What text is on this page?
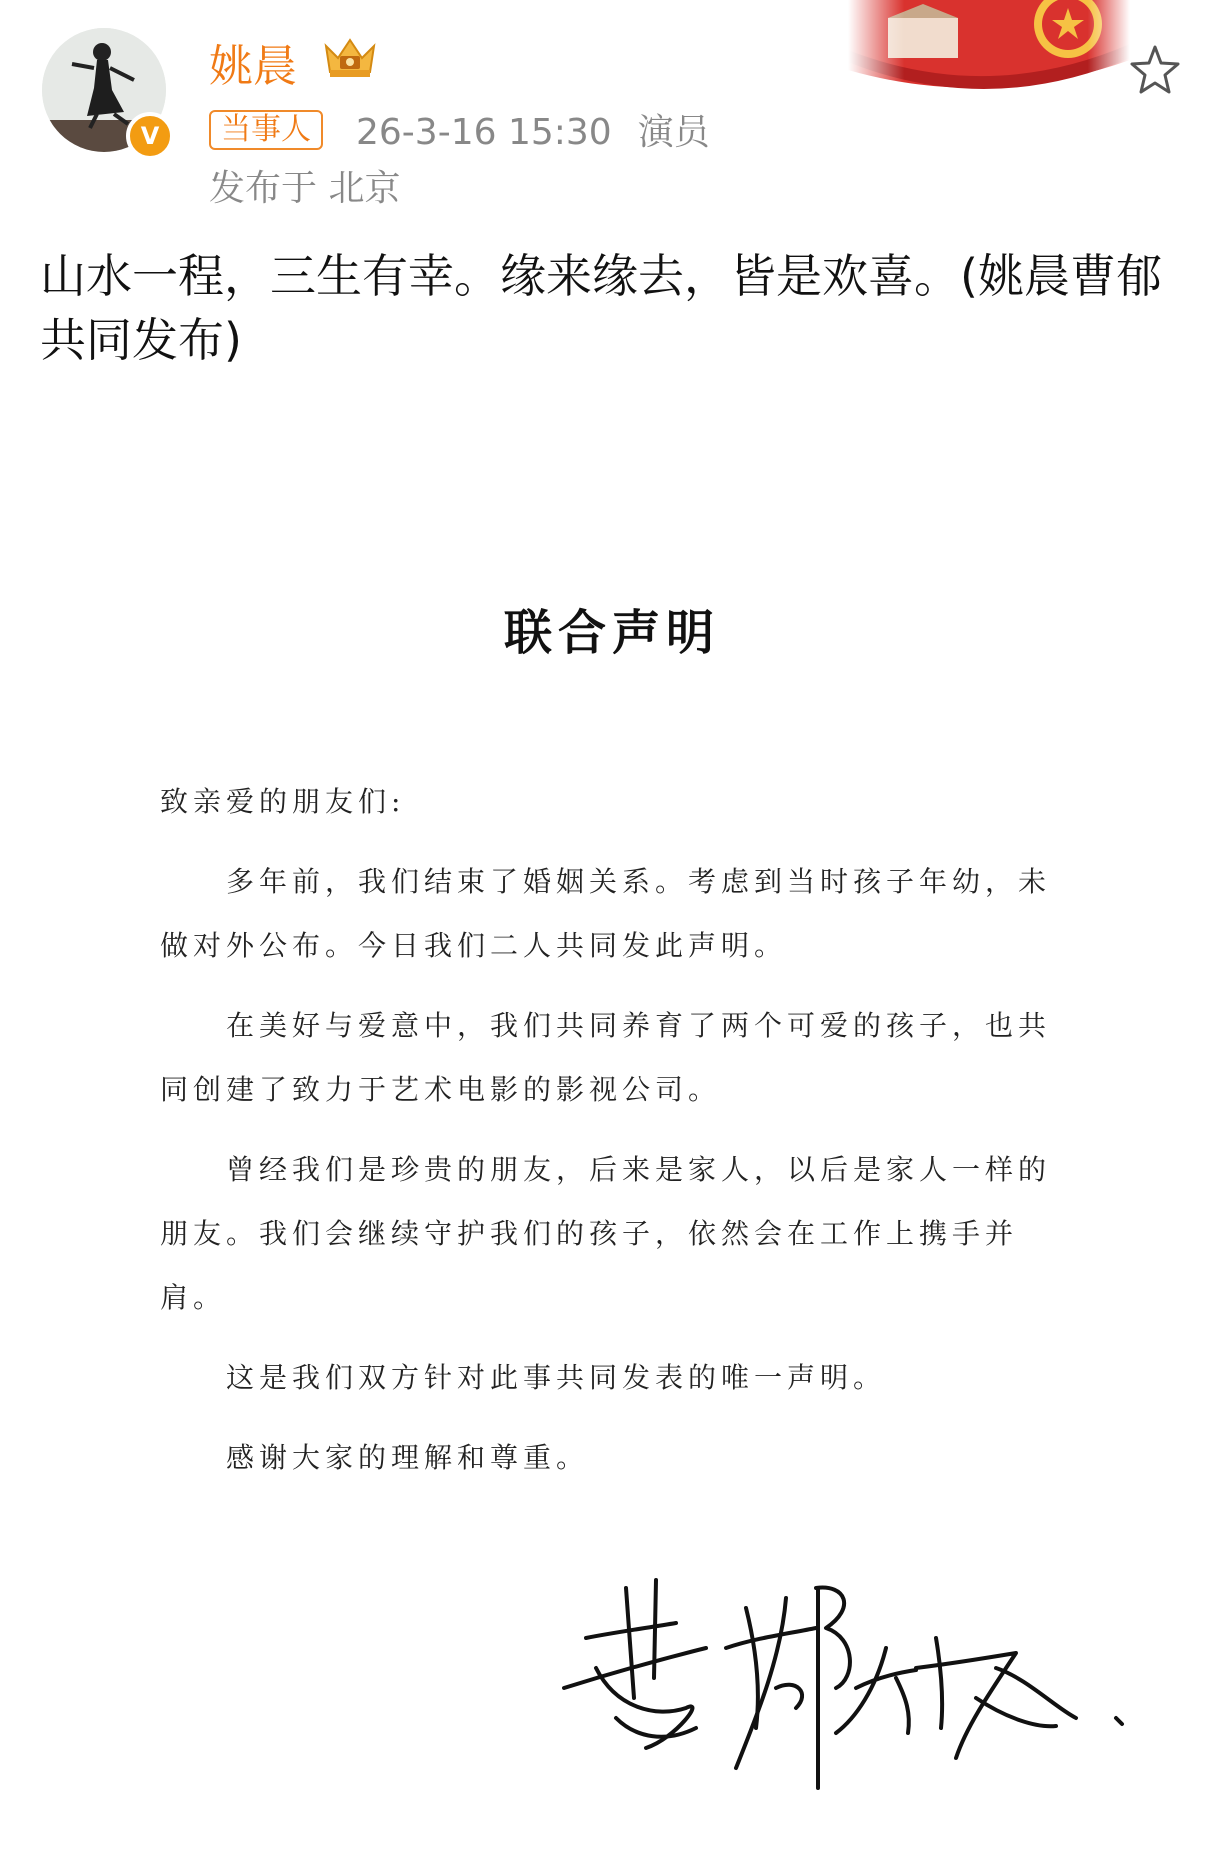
V
姚晨
当事人	26-3-16 15:30 演员
发布于 北京
山水一程，三生有幸。缘来缘去，皆是欢喜。(姚晨曹郁共同发布)
联合声明

致亲爱的朋友们:

多年前，我们结束了婚姻关系。考虑到当时孩子年幼，未做对外公布。今日我们二人共同发此声明。

在美好与爱意中，我们共同养育了两个可爱的孩子，也共同创建了致力于艺术电影的影视公司。

曾经我们是珍贵的朋友，后来是家人，以后是家人一样的朋友。我们会继续守护我们的孩子，依然会在工作上携手并肩。

这是我们双方针对此事共同发表的唯一声明。

感谢大家的理解和尊重。
